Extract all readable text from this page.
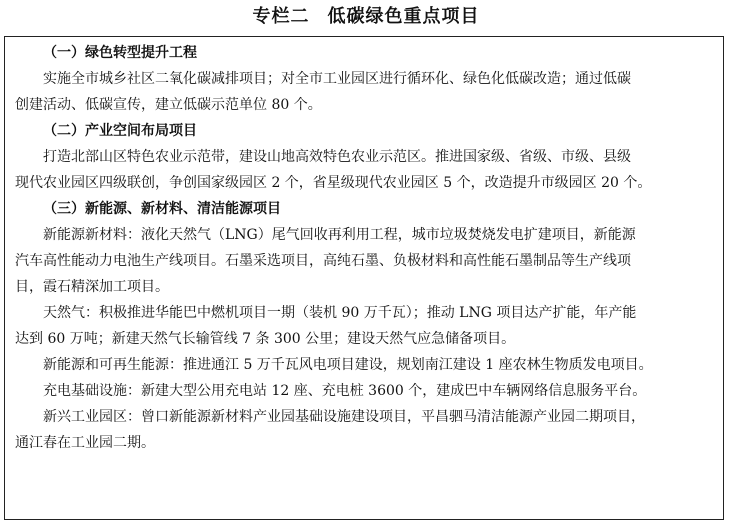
专栏二 低碳绿色重点项目
（一）绿色转型提升工程
实施全市城乡社区二氧化碳减排项目；对全市工业园区进行循环化、绿色化低碳改造；通过低碳
创建活动、低碳宣传，建立低碳示范单位 80 个。
（二）产业空间布局项目
打造北部山区特色农业示范带，建设山地高效特色农业示范区。推进国家级、省级、市级、县级
现代农业园区四级联创，争创国家级园区 2 个，省星级现代农业园区 5 个，改造提升市级园区 20 个。
（三）新能源、新材料、清洁能源项目
新能源新材料：液化天然气（LNG）尾气回收再利用工程，城市垃圾焚烧发电扩建项目，新能源
汽车高性能动力电池生产线项目。石墨采选项目，高纯石墨、负极材料和高性能石墨制品等生产线项
目，霞石精深加工项目。
天然气：积极推进华能巴中燃机项目一期（装机 90 万千瓦）；推动 LNG 项目达产扩能，年产能
达到 60 万吨；新建天然气长输管线 7 条 300 公里；建设天然气应急储备项目。
新能源和可再生能源：推进通江 5 万千瓦风电项目建设，规划南江建设 1 座农林生物质发电项目。
充电基础设施：新建大型公用充电站 12 座、充电桩 3600 个，建成巴中车辆网络信息服务平台。
新兴工业园区：曾口新能源新材料产业园基础设施建设项目，平昌驷马清洁能源产业园二期项目，
通江春在工业园二期。
